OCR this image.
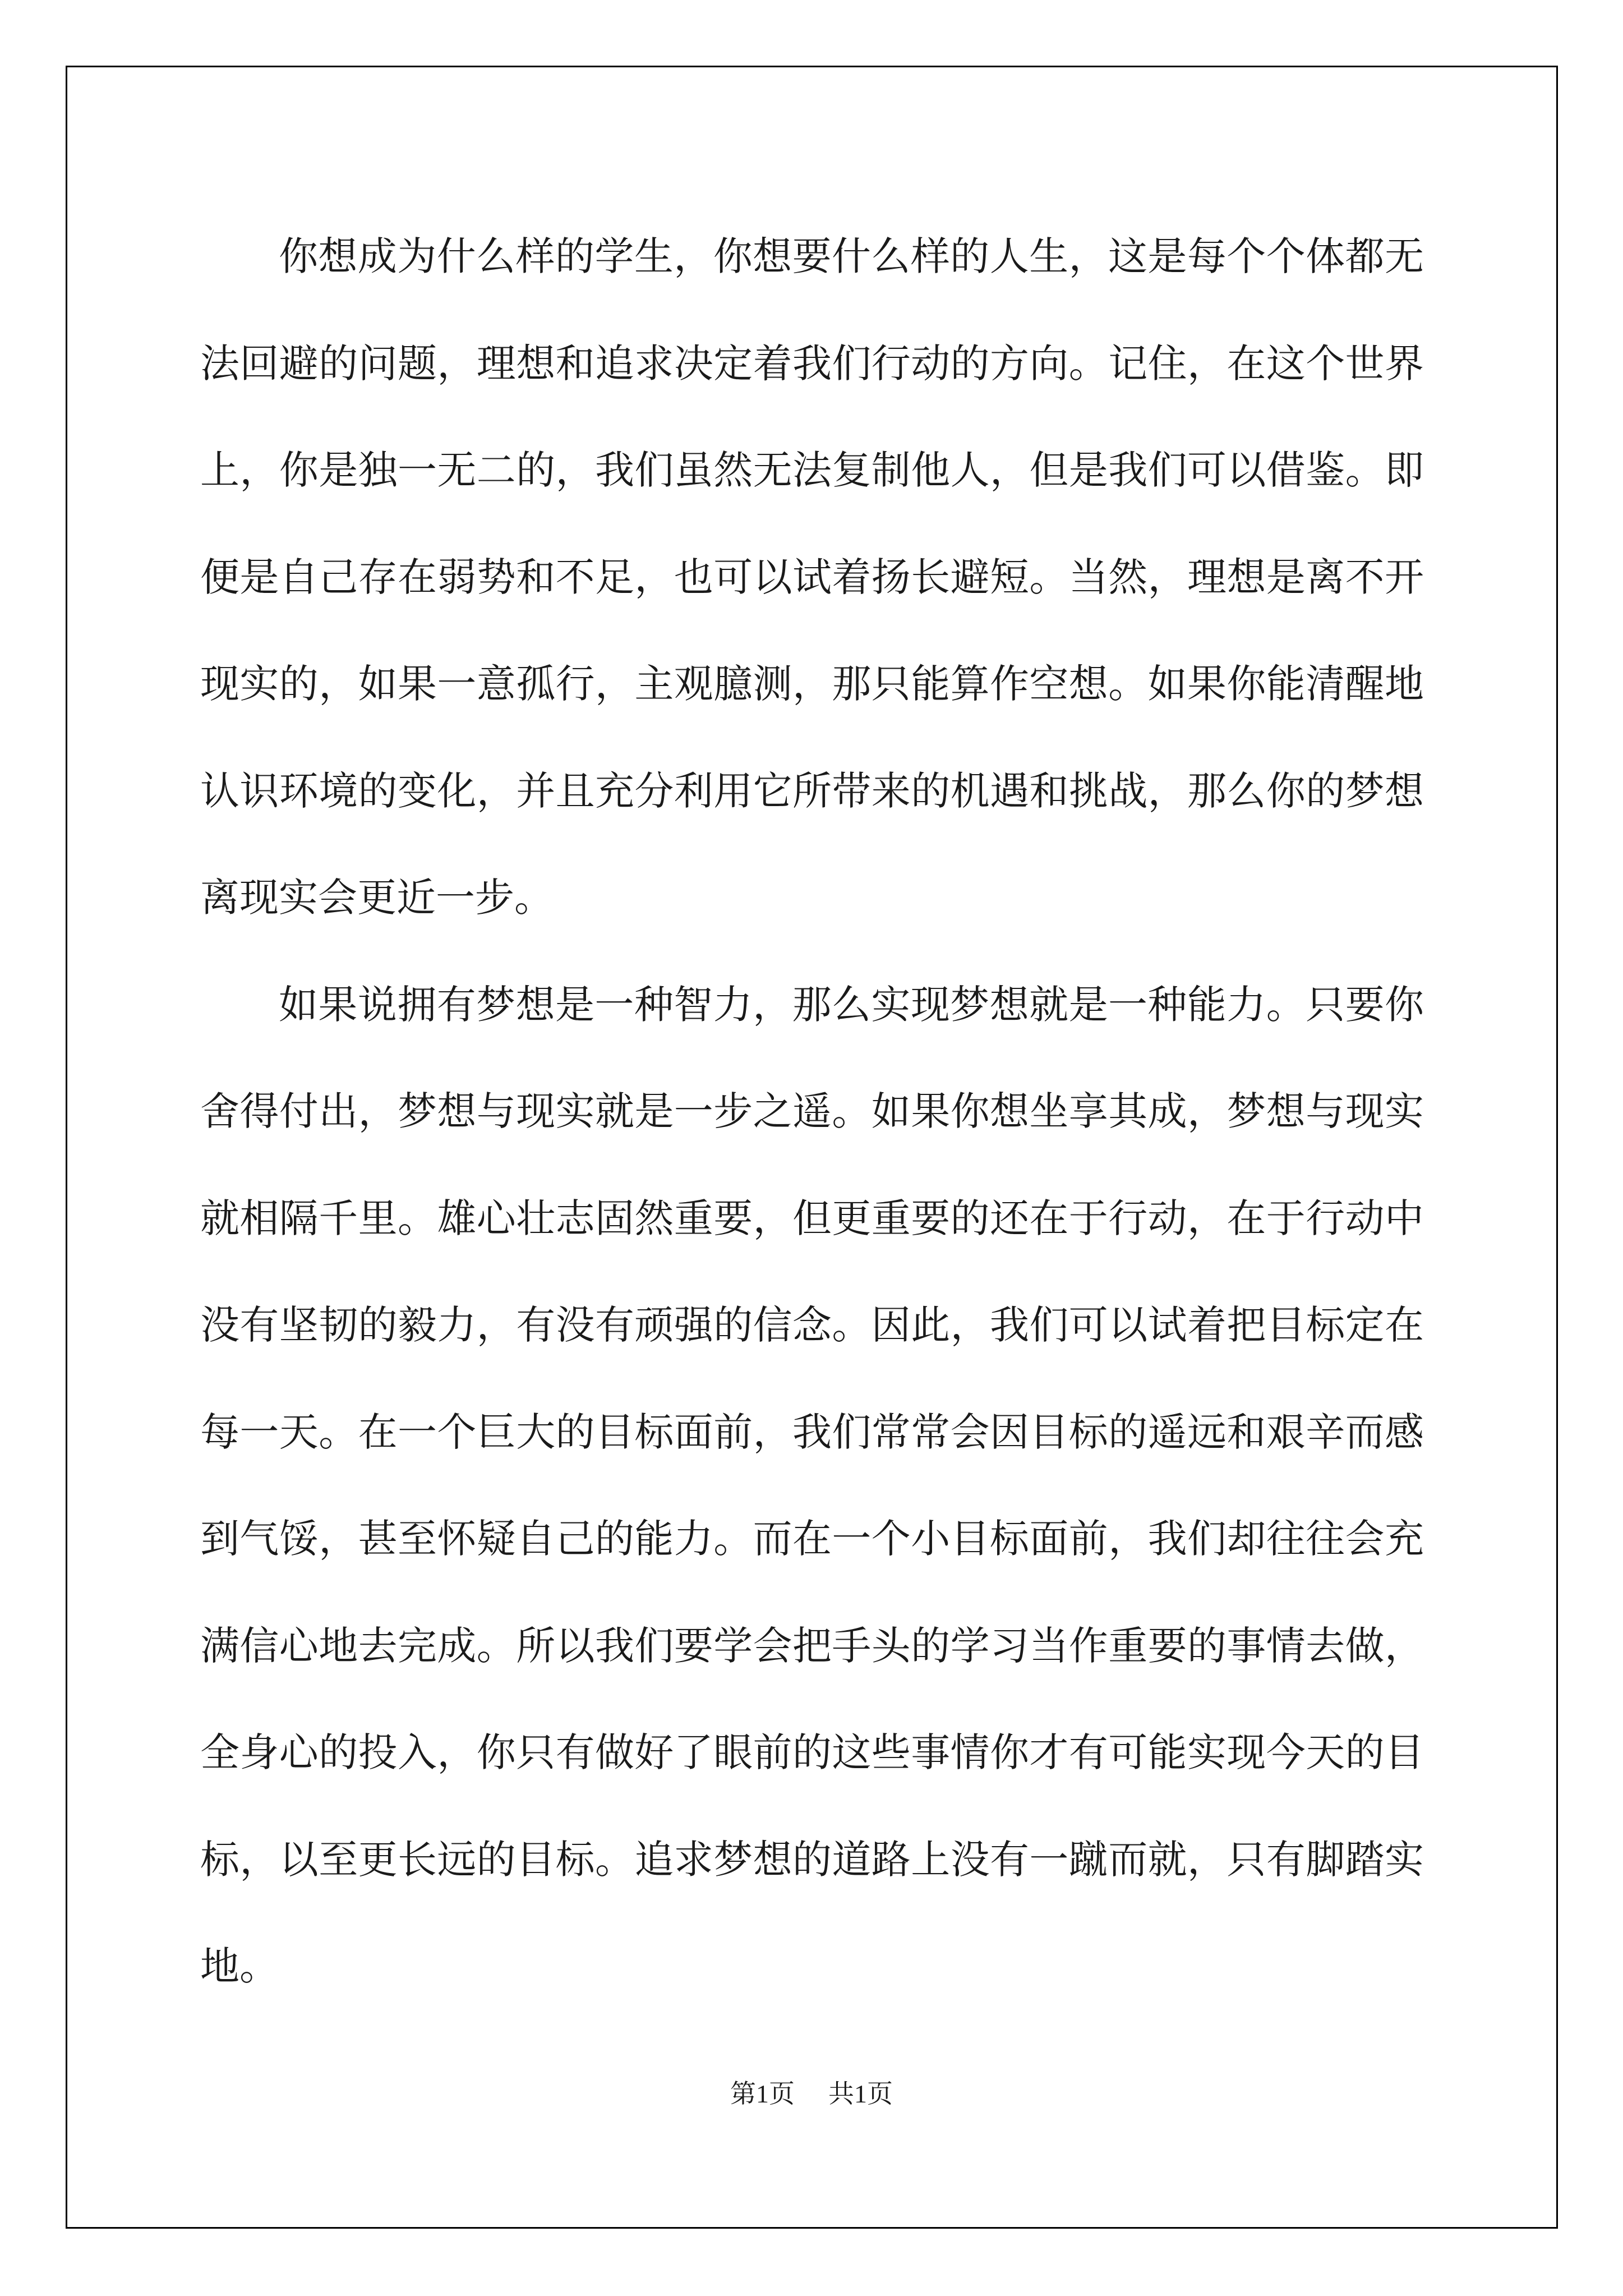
你想成为什么样的学生，你想要什么样的人生，这是每个个体都无法回避的问题，理想和追求决定着我们行动的方向。记住，在这个世界上，你是独一无二的，我们虽然无法复制他人，但是我们可以借鉴。即便是自己存在弱势和不足，也可以试着扬长避短。当然，理想是离不开现实的，如果一意孤行，主观臆测，那只能算作空想。如果你能清醒地认识环境的变化，并且充分利用它所带来的机遇和挑战，那么你的梦想离现实会更近一步。

如果说拥有梦想是一种智力，那么实现梦想就是一种能力。只要你舍得付出，梦想与现实就是一步之遥。如果你想坐享其成，梦想与现实就相隔千里。雄心壮志固然重要，但更重要的还在于行动，在于行动中没有坚韧的毅力，有没有顽强的信念。因此，我们可以试着把目标定在每一天。在一个巨大的目标面前，我们常常会因目标的遥远和艰辛而感到气馁，甚至怀疑自己的能力。而在一个小目标面前，我们却往往会充满信心地去完成。所以我们要学会把手头的学习当作重要的事情去做，全身心的投入，你只有做好了眼前的这些事情你才有可能实现今天的目标，以至更长远的目标。追求梦想的道路上没有一蹴而就，只有脚踏实地。

第1页 共1页
